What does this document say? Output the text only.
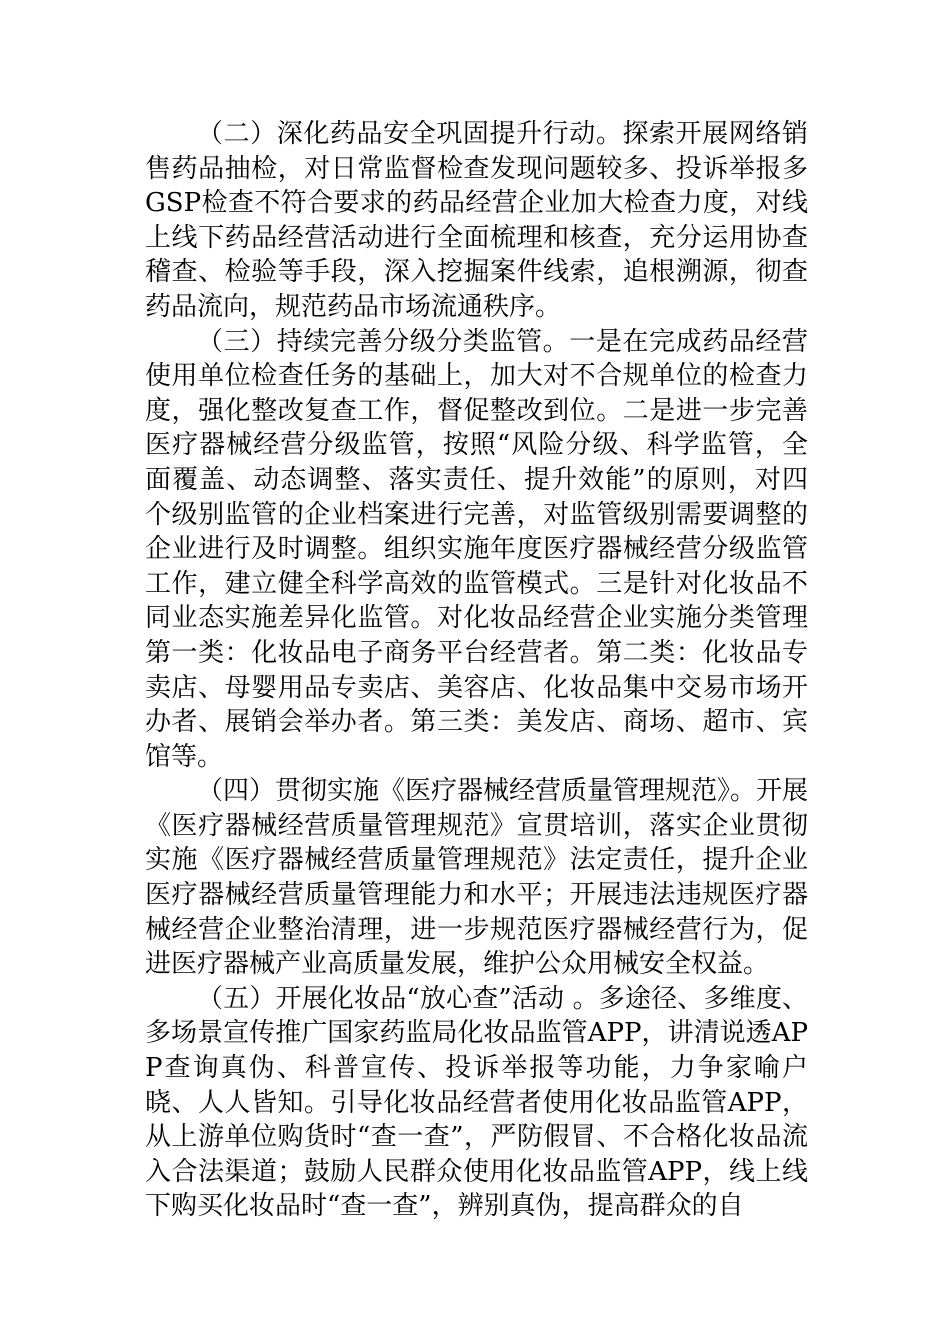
（二）深化药品安全巩固提升行动。探索开展网络销售药品抽检，对日常监督检查发现问题较多、投诉举报多GSP检查不符合要求的药品经营企业加大检查力度，对线上线下药品经营活动进行全面梳理和核查，充分运用协查稽查、检验等手段，深入挖掘案件线索，追根溯源，彻查药品流向，规范药品市场流通秩序。

（三）持续完善分级分类监管。一是在完成药品经营使用单位检查任务的基础上，加大对不合规单位的检查力度，强化整改复查工作，督促整改到位。二是进一步完善医疗器械经营分级监管，按照“风险分级、科学监管，全面覆盖、动态调整、落实责任、提升效能”的原则，对四个级别监管的企业档案进行完善，对监管级别需要调整的企业进行及时调整。组织实施年度医疗器械经营分级监管工作，建立健全科学高效的监管模式。三是针对化妆品不同业态实施差异化监管。对化妆品经营企业实施分类管理第一类：化妆品电子商务平台经营者。第二类：化妆品专卖店、母婴用品专卖店、美容店、化妆品集中交易市场开办者、展销会举办者。第三类：美发店、商场、超市、宾馆等。

（四）贯彻实施《医疗器械经营质量管理规范》。开展《医疗器械经营质量管理规范》宣贯培训，落实企业贯彻实施《医疗器械经营质量管理规范》法定责任，提升企业医疗器械经营质量管理能力和水平；开展违法违规医疗器械经营企业整治清理，进一步规范医疗器械经营行为，促进医疗器械产业高质量发展，维护公众用械安全权益。

（五）开展化妆品“放心查”活动 。多途径、多维度、多场景宣传推广国家药监局化妆品监管APP，讲清说透APP查询真伪、科普宣传、投诉举报等功能，力争家喻户晓、人人皆知。引导化妆品经营者使用化妆品监管APP，从上游单位购货时“查一查”，严防假冒、不合格化妆品流入合法渠道；鼓励人民群众使用化妆品监管APP，线上线下购买化妆品时“查一查”，辨别真伪，提高群众的自
